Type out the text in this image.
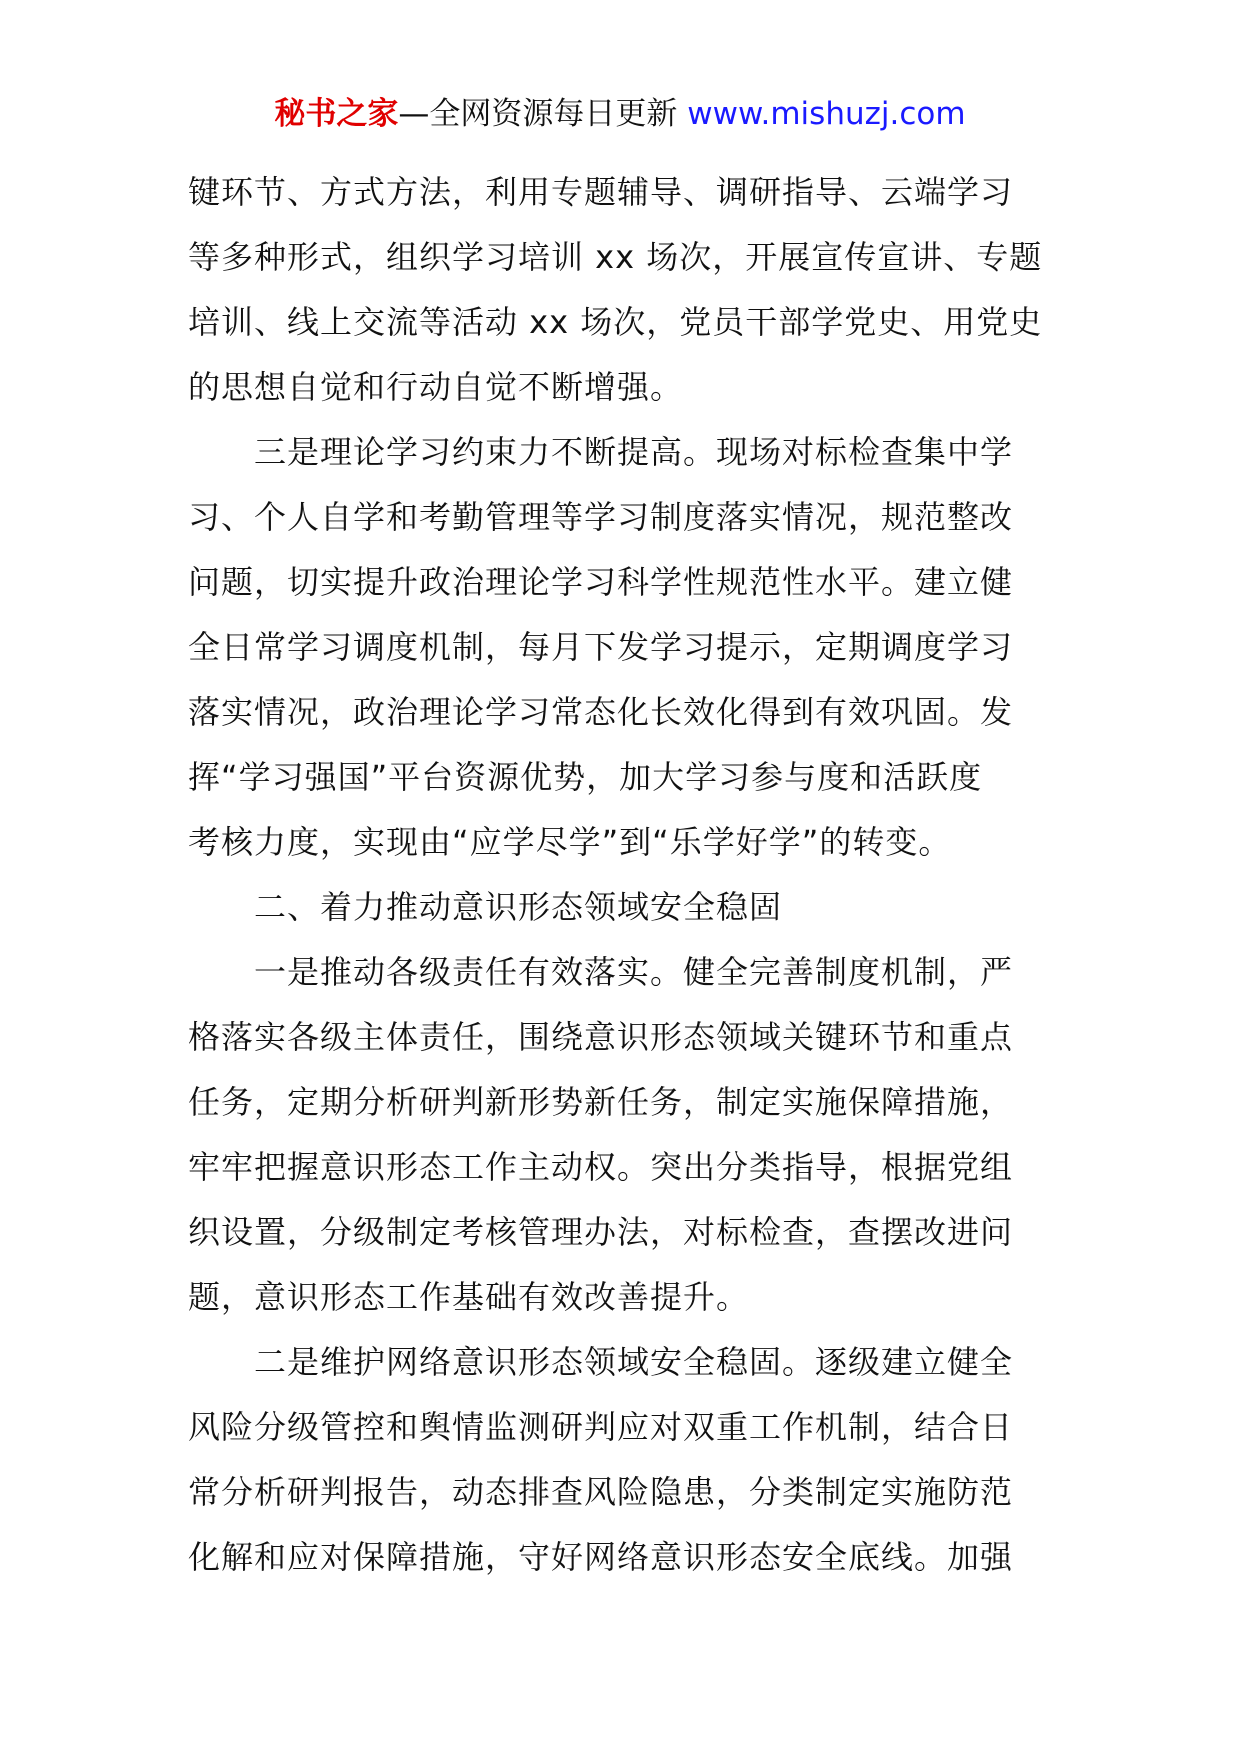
秘书之家—全网资源每日更新 www.mishuzj.com
键环节、方式方法，利用专题辅导、调研指导、云端学习
等多种形式，组织学习培训 xx 场次，开展宣传宣讲、专题
培训、线上交流等活动 xx 场次，党员干部学党史、用党史
的思想自觉和行动自觉不断增强。
三是理论学习约束力不断提高。现场对标检查集中学
习、个人自学和考勤管理等学习制度落实情况，规范整改
问题，切实提升政治理论学习科学性规范性水平。建立健
全日常学习调度机制，每月下发学习提示，定期调度学习
落实情况，政治理论学习常态化长效化得到有效巩固。发
挥“学习强国”平台资源优势，加大学习参与度和活跃度
考核力度，实现由“应学尽学”到“乐学好学”的转变。
二、着力推动意识形态领域安全稳固
一是推动各级责任有效落实。健全完善制度机制，严
格落实各级主体责任，围绕意识形态领域关键环节和重点
任务，定期分析研判新形势新任务，制定实施保障措施，
牢牢把握意识形态工作主动权。突出分类指导，根据党组
织设置，分级制定考核管理办法，对标检查，查摆改进问
题，意识形态工作基础有效改善提升。
二是维护网络意识形态领域安全稳固。逐级建立健全
风险分级管控和舆情监测研判应对双重工作机制，结合日
常分析研判报告，动态排查风险隐患，分类制定实施防范
化解和应对保障措施，守好网络意识形态安全底线。加强
